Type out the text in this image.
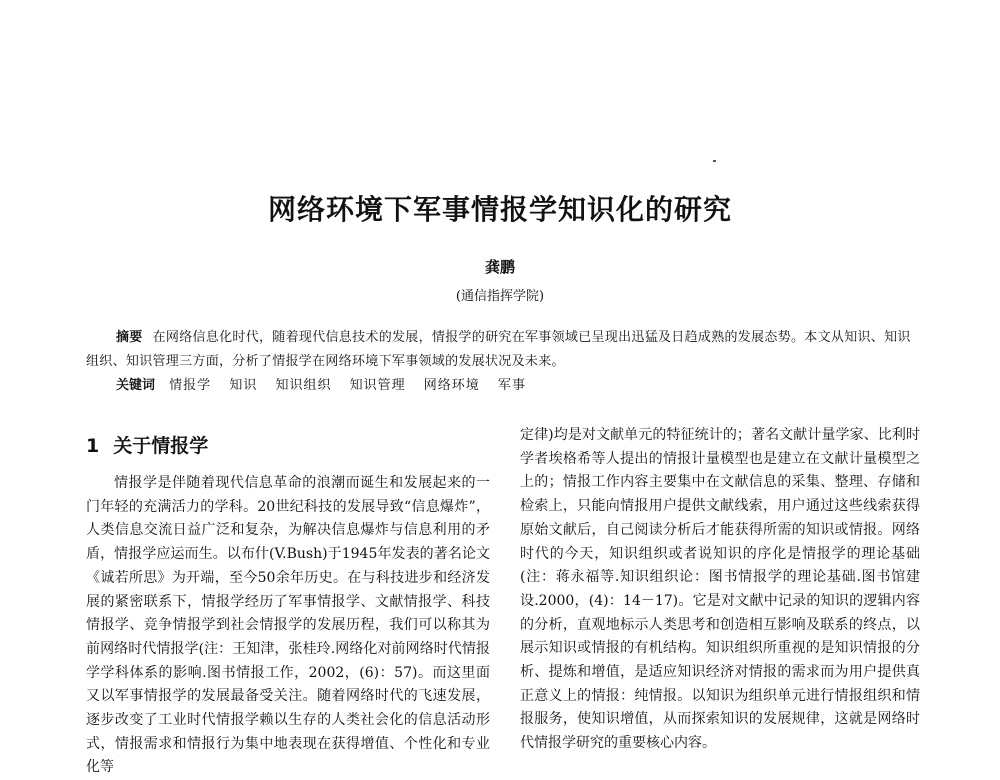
网络环境下军事情报学知识化的研究
龚鹏
(通信指挥学院)
摘要 在网络信息化时代，随着现代信息技术的发展，情报学的研究在军事领域已呈现出迅猛及日趋成熟的发展态势。本文从知识、知识组织、知识管理三方面，分析了情报学在网络环境下军事领域的发展状况及未来。
关键词 情报学 知识 知识组织 知识管理 网络环境 军事
1 关于情报学

情报学是伴随着现代信息革命的浪潮而诞生和发展起来的一门年轻的充满活力的学科。20世纪科技的发展导致“信息爆炸”，人类信息交流日益广泛和复杂，为解决信息爆炸与信息利用的矛盾，情报学应运而生。以布什(V.Bush)于1945年发表的著名论文《诚若所思》为开端，至今50余年历史。在与科技进步和经济发展的紧密联系下，情报学经历了军事情报学、文献情报学、科技情报学、竞争情报学到社会情报学的发展历程，我们可以称其为前网络时代情报学(注：王知津，张桂玲.网络化对前网络时代情报学学科体系的影响.图书情报工作，2002，(6)：57)。而这里面又以军事情报学的发展最备受关注。随着网络时代的飞速发展，逐步改变了工业时代情报学赖以生存的人类社会化的信息活动形式，情报需求和情报行为集中地表现在获得增值、个性化和专业化等

定律)均是对文献单元的特征统计的；著名文献计量学家、比利时学者埃格希等人提出的情报计量模型也是建立在文献计量模型之上的；情报工作内容主要集中在文献信息的采集、整理、存储和检索上，只能向情报用户提供文献线索，用户通过这些线索获得原始文献后，自己阅读分析后才能获得所需的知识或情报。网络时代的今天，知识组织或者说知识的序化是情报学的理论基础(注：蒋永福等.知识组织论：图书情报学的理论基础.图书馆建设.2000，(4)：14－17)。它是对文献中记录的知识的逻辑内容的分析，直观地标示人类思考和创造相互影响及联系的终点，以展示知识或情报的有机结构。知识组织所重视的是知识情报的分析、提炼和增值，是适应知识经济对情报的需求而为用户提供真正意义上的情报：纯情报。以知识为组织单元进行情报组织和情报服务，使知识增值，从而探索知识的发展规律，这就是网络时代情报学研究的重要核心内容。
